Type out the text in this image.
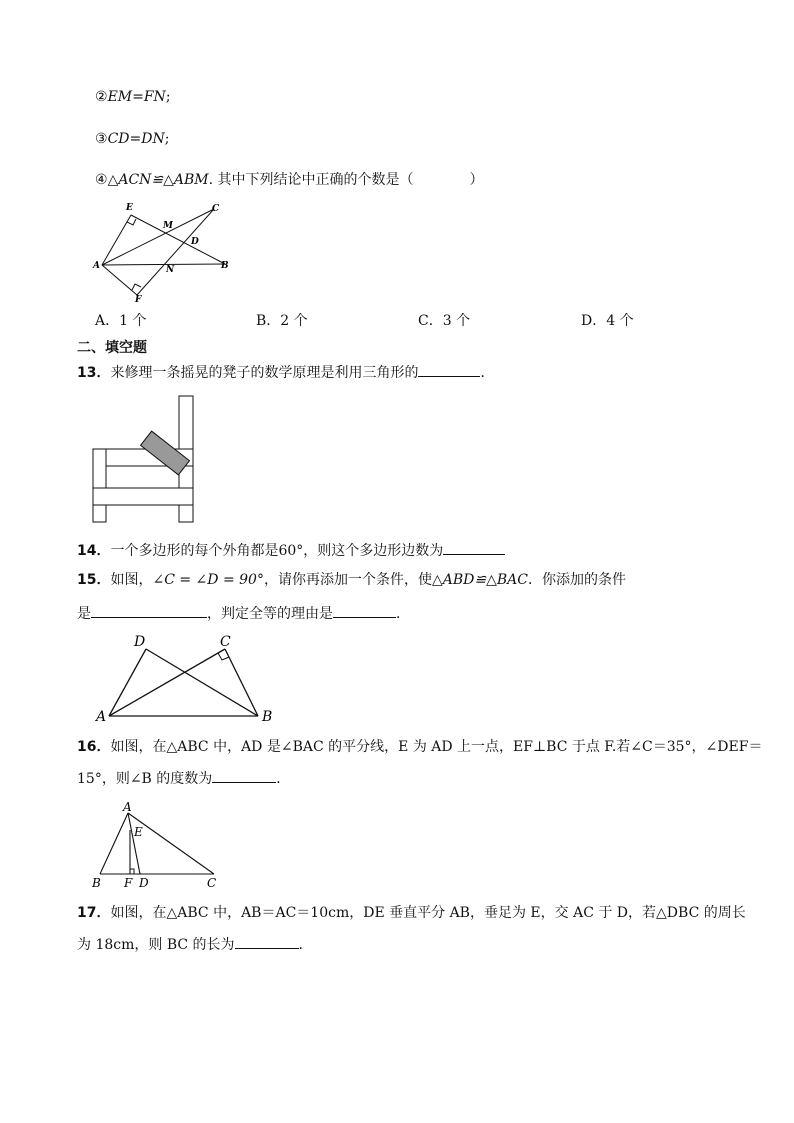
②EM=FN;
③CD=DN;
④△ACN≌△ABM. 其中下列结论中正确的个数是（　　　　）
E
M
C
D
A	N	B
F
A．1 个	B．2 个	C．3 个	D．4 个
二、填空题
13．来修理一条摇晃的凳子的数学原理是利用三角形的	．
14．一个多边形的每个外角都是60°，则这个多边形边数为
15．如图，∠C = ∠D = 90°，请你再添加一个条件，使△ABD≌△BAC．你添加的条件
是	，判定全等的理由是	．
D	C
A	B
16．如图，在△ABC 中，AD 是∠BAC 的平分线，E 为 AD 上一点，EF⊥BC 于点 F.若∠C＝35°，∠DEF＝
15°，则∠B 的度数为	．
A
E
B F D	C
17．如图，在△ABC 中，AB＝AC＝10cm，DE 垂直平分 AB，垂足为 E，交 AC 于 D，若△DBC 的周长
为 18cm，则 BC 的长为	．
